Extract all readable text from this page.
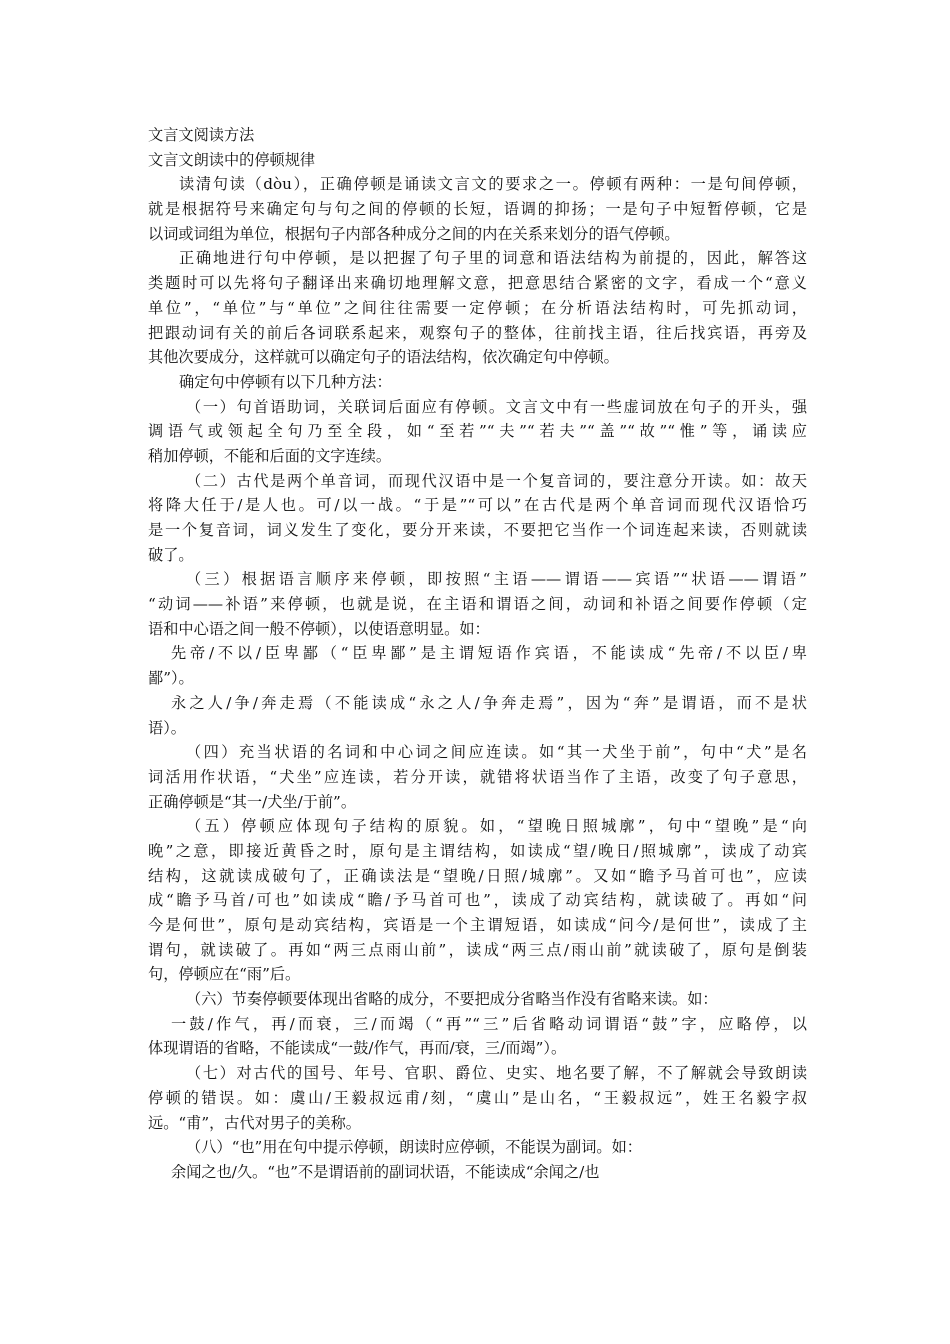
文言文阅读方法
文言文朗读中的停顿规律
读清句读（dòu），正确停顿是诵读文言文的要求之一。停顿有两种：一是句间停顿，
就是根据符号来确定句与句之间的停顿的长短，语调的抑扬；一是句子中短暂停顿，它是
以词或词组为单位，根据句子内部各种成分之间的内在关系来划分的语气停顿。
正确地进行句中停顿，是以把握了句子里的词意和语法结构为前提的，因此，解答这
类题时可以先将句子翻译出来确切地理解文意，把意思结合紧密的文字，看成一个“意义
单位”，“单位”与“单位”之间往往需要一定停顿；在分析语法结构时，可先抓动词，
把跟动词有关的前后各词联系起来，观察句子的整体，往前找主语，往后找宾语，再旁及
其他次要成分，这样就可以确定句子的语法结构，依次确定句中停顿。
确定句中停顿有以下几种方法：
（一）句首语助词，关联词后面应有停顿。文言文中有一些虚词放在句子的开头，强
调语气或领起全句乃至全段，如“至若”“夫”“若夫”“盖”“故”“惟”等，诵读应
稍加停顿，不能和后面的文字连续。
（二）古代是两个单音词，而现代汉语中是一个复音词的，要注意分开读。如：故天
将降大任于/是人也。可/以一战。“于是”“可以”在古代是两个单音词而现代汉语恰巧
是一个复音词，词义发生了变化，要分开来读，不要把它当作一个词连起来读，否则就读
破了。
（三）根据语言顺序来停顿，即按照“主语——谓语——宾语”“状语——谓语”
“动词——补语”来停顿，也就是说，在主语和谓语之间，动词和补语之间要作停顿（定
语和中心语之间一般不停顿），以使语意明显。如：
先帝/不以/臣卑鄙（“臣卑鄙”是主谓短语作宾语，不能读成“先帝/不以臣/卑
鄙”）。
永之人/争/奔走焉（不能读成“永之人/争奔走焉”，因为“奔”是谓语，而不是状
语）。
（四）充当状语的名词和中心词之间应连读。如“其一犬坐于前”，句中“犬”是名
词活用作状语，“犬坐”应连读，若分开读，就错将状语当作了主语，改变了句子意思，
正确停顿是“其一/犬坐/于前”。
（五）停顿应体现句子结构的原貌。如，“望晚日照城廓”，句中“望晚”是“向
晚”之意，即接近黄昏之时，原句是主谓结构，如读成“望/晚日/照城廓”，读成了动宾
结构，这就读成破句了，正确读法是“望晚/日照/城廓”。又如“瞻予马首可也”，应读
成“瞻予马首/可也”如读成“瞻/予马首可也”，读成了动宾结构，就读破了。再如“问
今是何世”，原句是动宾结构，宾语是一个主谓短语，如读成“问今/是何世”，读成了主
谓句，就读破了。再如“两三点雨山前”，读成“两三点/雨山前”就读破了，原句是倒装
句，停顿应在“雨”后。
（六）节奏停顿要体现出省略的成分，不要把成分省略当作没有省略来读。如：
一鼓/作气，再/而衰，三/而竭（“再”“三”后省略动词谓语“鼓”字，应略停，以
体现谓语的省略，不能读成“一鼓/作气，再而/衰，三/而竭”）。
（七）对古代的国号、年号、官职、爵位、史实、地名要了解，不了解就会导致朗读
停顿的错误。如：虞山/王毅叔远甫/刻，“虞山”是山名，“王毅叔远”，姓王名毅字叔
远。“甫”，古代对男子的美称。
（八）“也”用在句中提示停顿，朗读时应停顿，不能误为副词。如：
余闻之也/久。“也”不是谓语前的副词状语，不能读成“余闻之/也
